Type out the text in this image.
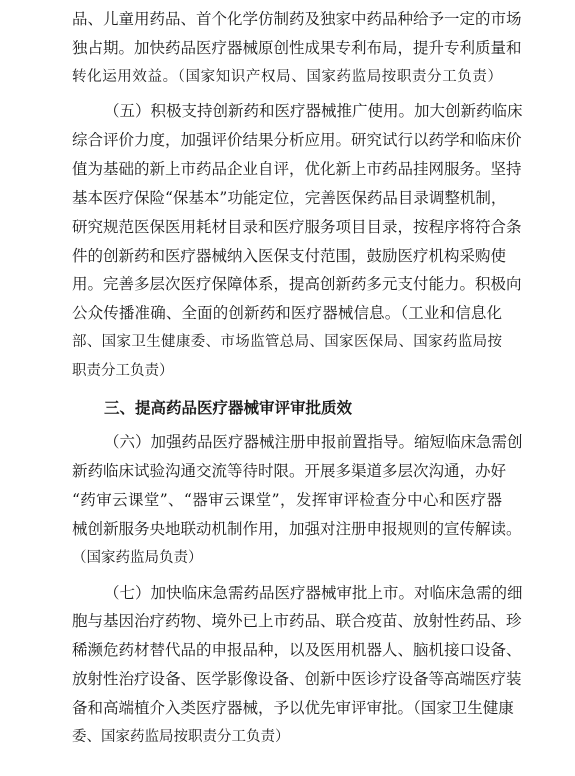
品、儿童用药品、首个化学仿制药及独家中药品种给予一定的市场
独占期。加快药品医疗器械原创性成果专利布局，提升专利质量和
转化运用效益。（国家知识产权局、国家药监局按职责分工负责）
（五）积极支持创新药和医疗器械推广使用。加大创新药临床
综合评价力度，加强评价结果分析应用。研究试行以药学和临床价
值为基础的新上市药品企业自评，优化新上市药品挂网服务。坚持
基本医疗保险“保基本”功能定位，完善医保药品目录调整机制，
研究规范医保医用耗材目录和医疗服务项目目录，按程序将符合条
件的创新药和医疗器械纳入医保支付范围，鼓励医疗机构采购使
用。完善多层次医疗保障体系，提高创新药多元支付能力。积极向
公众传播准确、全面的创新药和医疗器械信息。（工业和信息化
部、国家卫生健康委、市场监管总局、国家医保局、国家药监局按
职责分工负责）
三、提高药品医疗器械审评审批质效
（六）加强药品医疗器械注册申报前置指导。缩短临床急需创
新药临床试验沟通交流等待时限。开展多渠道多层次沟通，办好
“药审云课堂”、“器审云课堂”，发挥审评检查分中心和医疗器
械创新服务央地联动机制作用，加强对注册申报规则的宣传解读。
（国家药监局负责）
（七）加快临床急需药品医疗器械审批上市。对临床急需的细
胞与基因治疗药物、境外已上市药品、联合疫苗、放射性药品、珍
稀濒危药材替代品的申报品种，以及医用机器人、脑机接口设备、
放射性治疗设备、医学影像设备、创新中医诊疗设备等高端医疗装
备和高端植介入类医疗器械，予以优先审评审批。（国家卫生健康
委、国家药监局按职责分工负责）
